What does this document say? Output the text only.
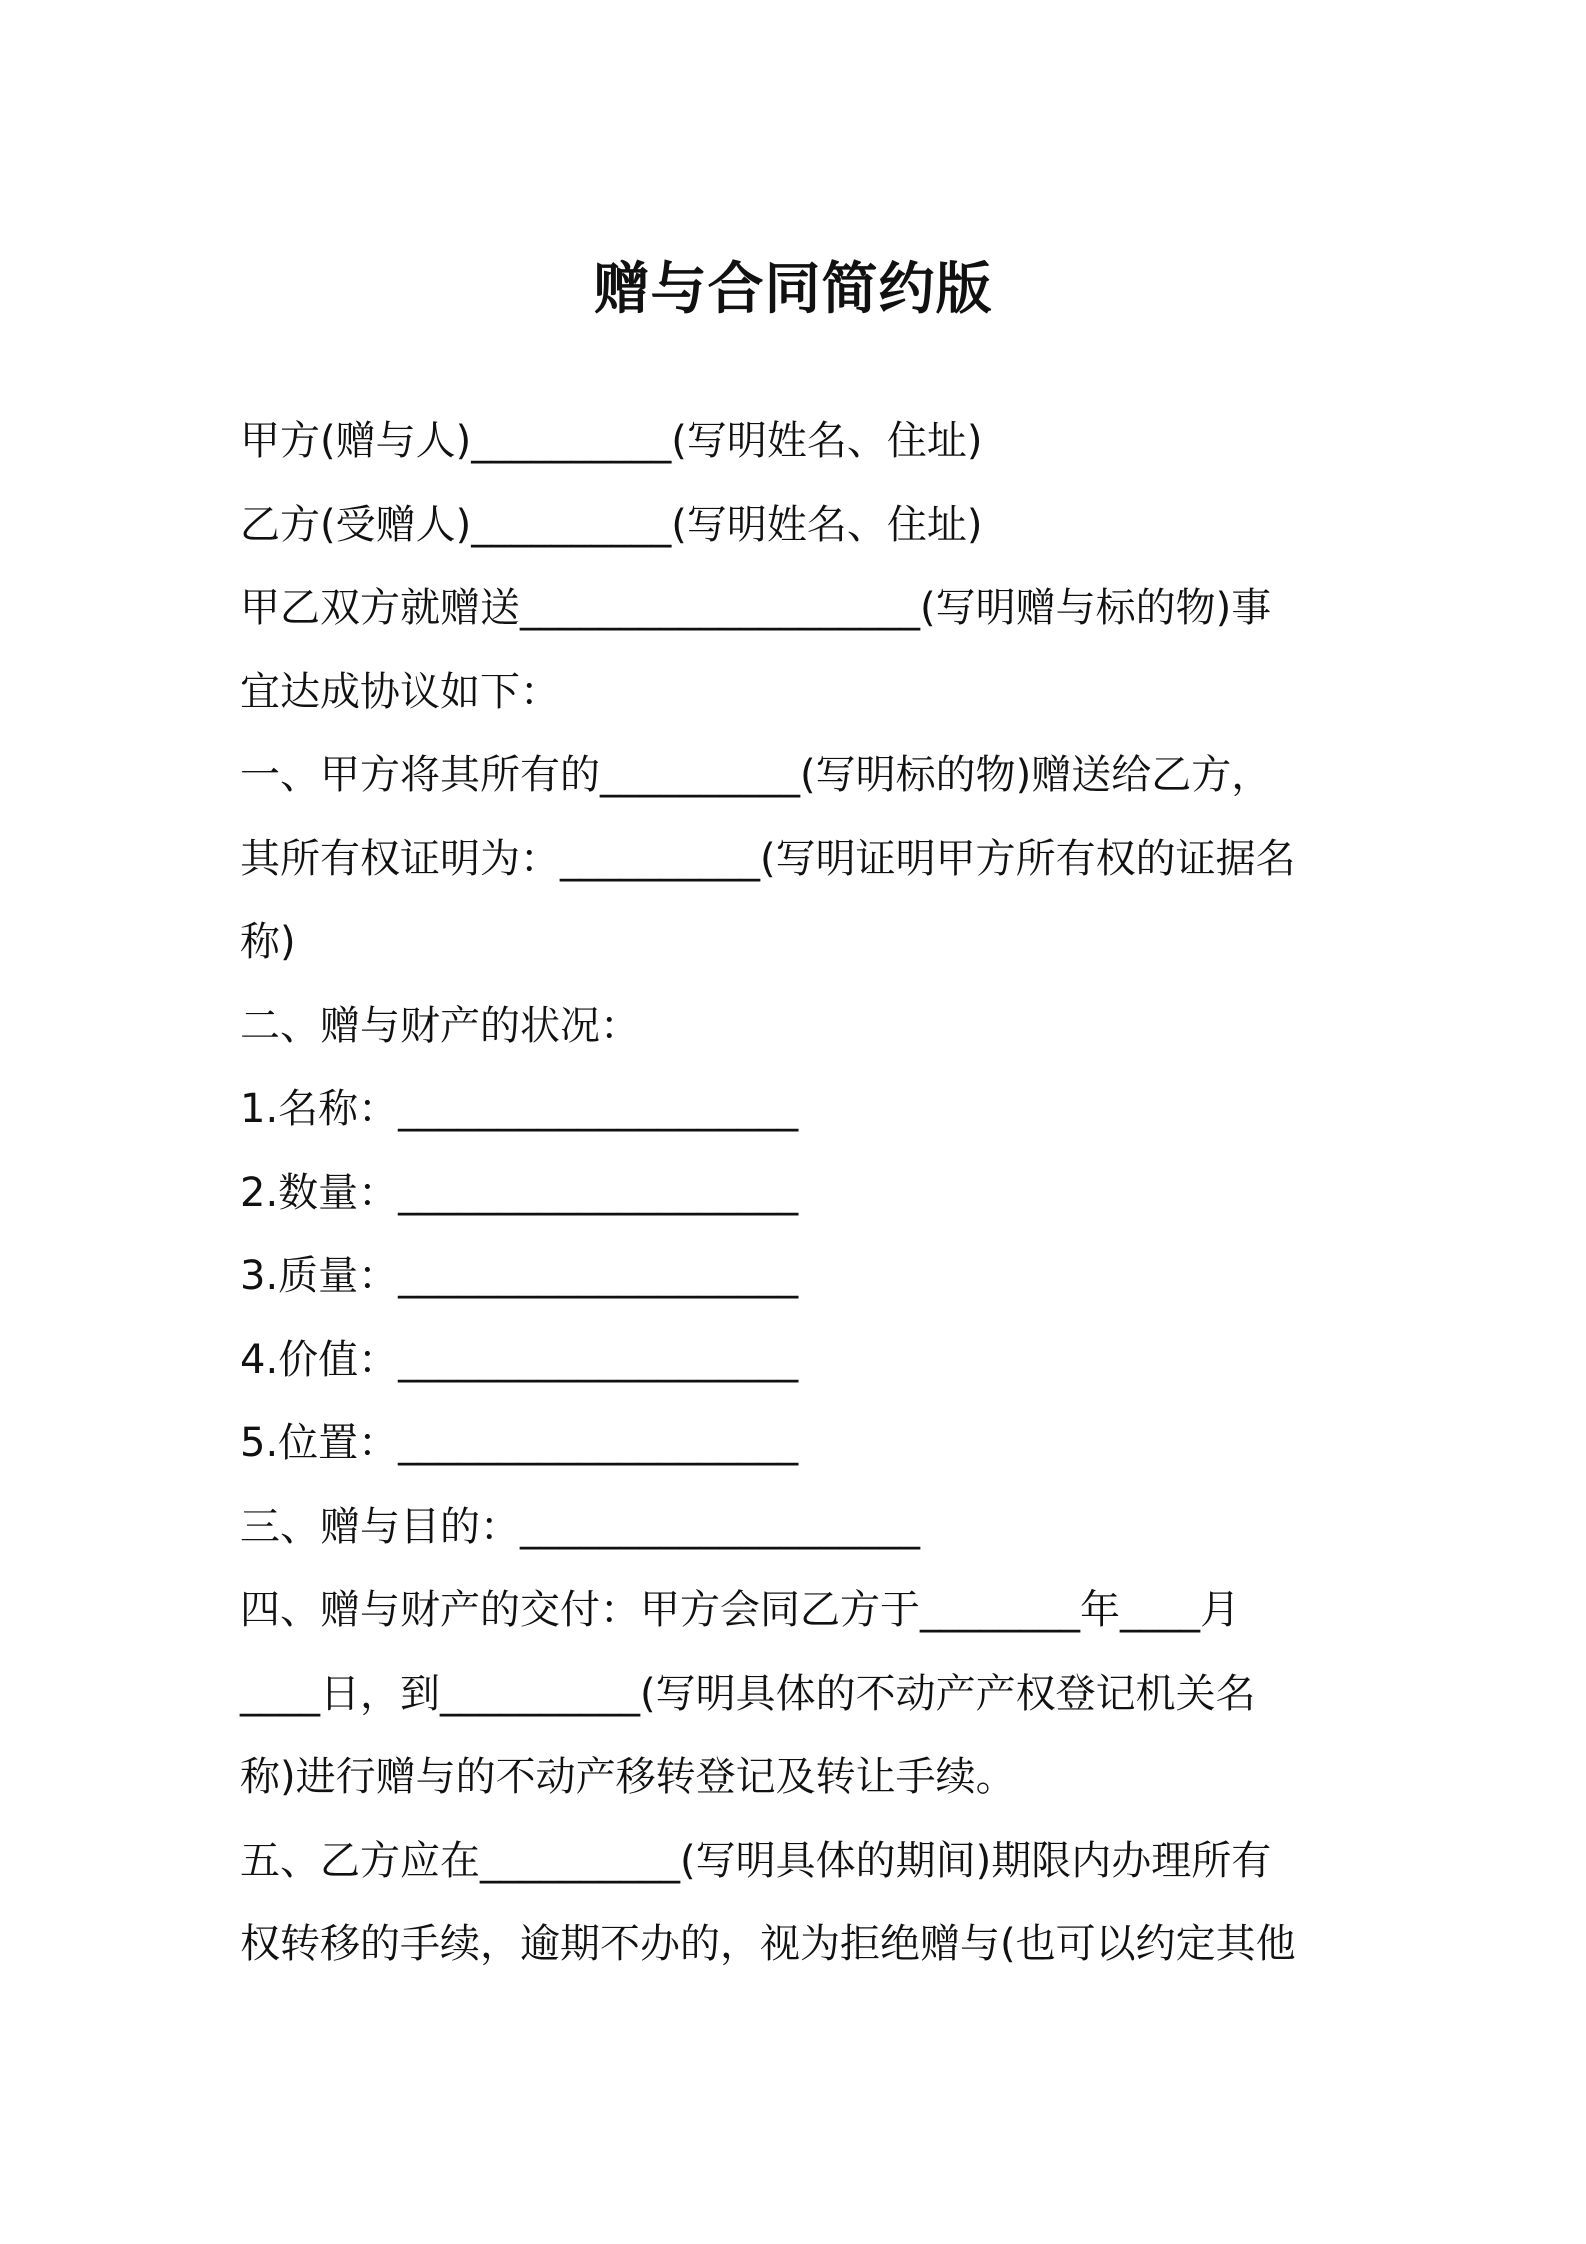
赠与合同简约版

甲方(赠与人)__________(写明姓名、住址)

乙方(受赠人)__________(写明姓名、住址)

甲乙双方就赠送____________________(写明赠与标的物)事

宜达成协议如下：

一、甲方将其所有的__________(写明标的物)赠送给乙方，

其所有权证明为：__________(写明证明甲方所有权的证据名

称)

二、赠与财产的状况：

1.名称：____________________

2.数量：____________________

3.质量：____________________

4.价值：____________________

5.位置：____________________

三、赠与目的：____________________

四、赠与财产的交付：甲方会同乙方于________年____月

____日，到__________(写明具体的不动产产权登记机关名

称)进行赠与的不动产移转登记及转让手续。

五、乙方应在__________(写明具体的期间)期限内办理所有

权转移的手续，逾期不办的，视为拒绝赠与(也可以约定其他
